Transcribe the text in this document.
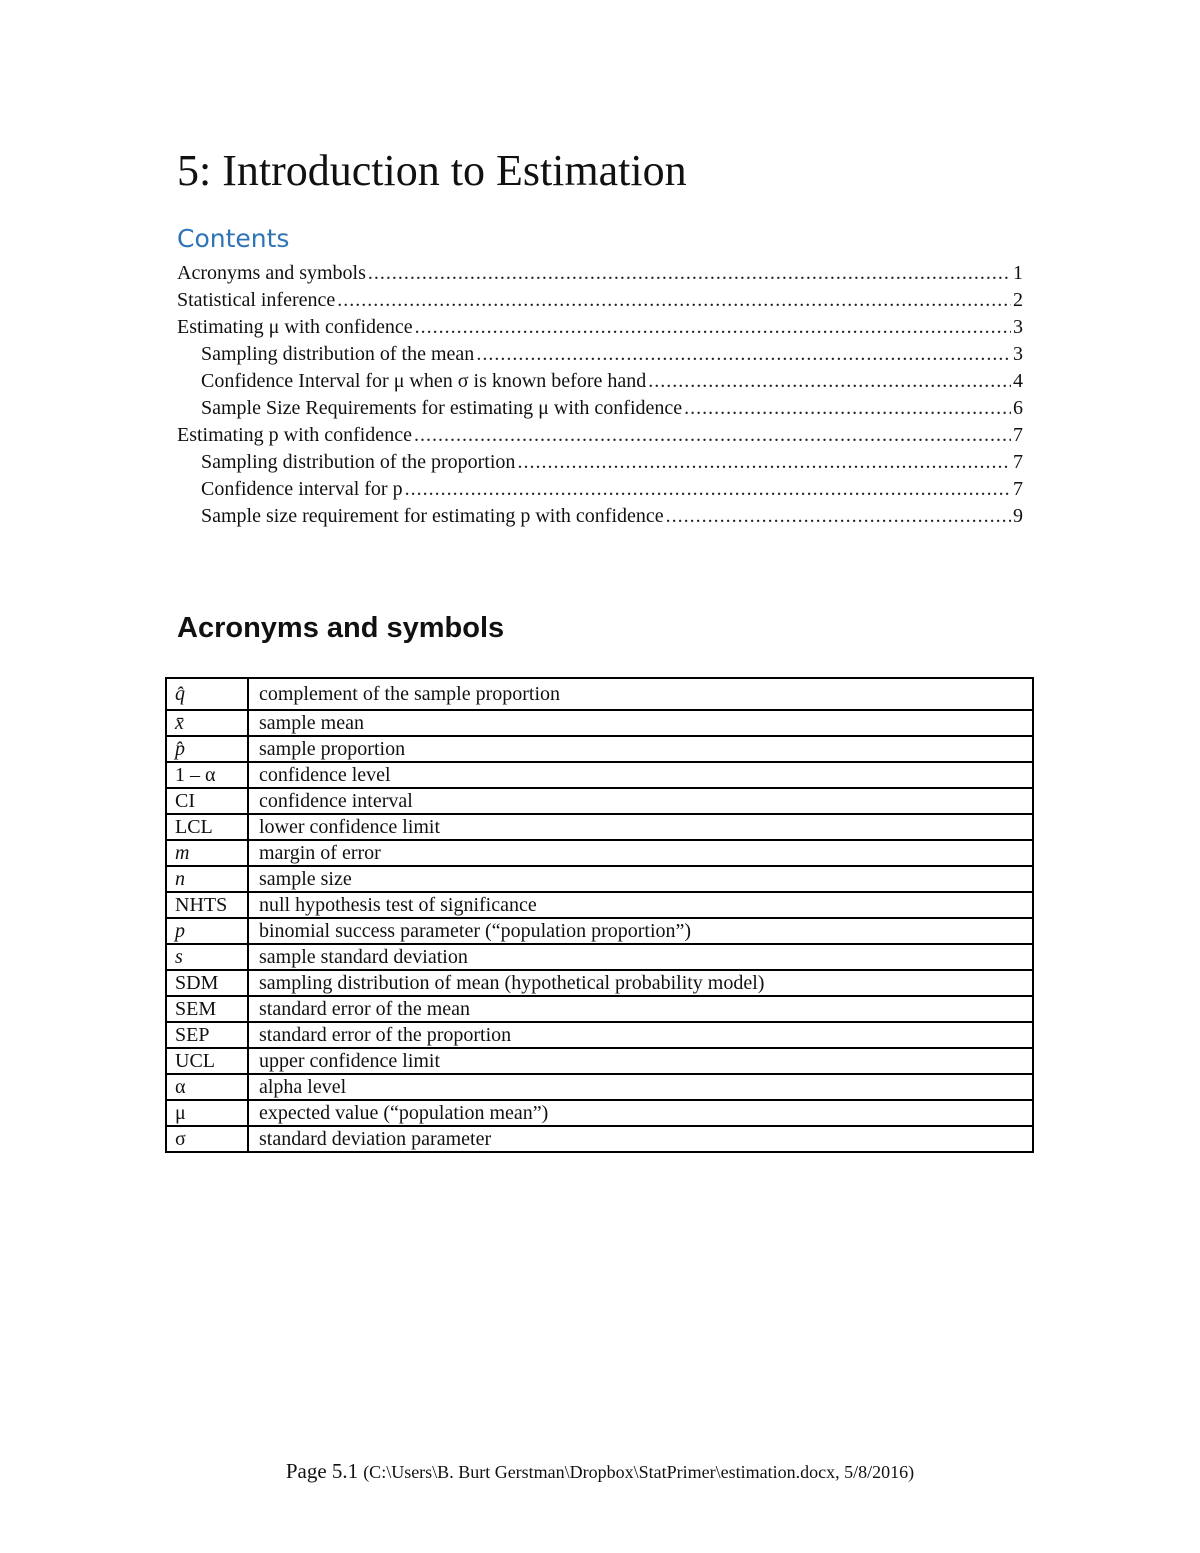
5: Introduction to Estimation
Contents
Acronyms and symbols .....	1
Statistical inference .....	2
Estimating μ with confidence .....	3
Sampling distribution of the mean .....	3
Confidence Interval for μ when σ is known before hand .....	4
Sample Size Requirements for estimating μ with confidence .....	6
Estimating p with confidence .....	7
Sampling distribution of the proportion .....	7
Confidence interval for p .....	7
Sample size requirement for estimating p with confidence .....	9
Acronyms and symbols
q̂	complement of the sample proportion
x̄	sample mean
p̂	sample proportion
1 – α	confidence level
CI	confidence interval
LCL	lower confidence limit
m	margin of error
n	sample size
NHTS	null hypothesis test of significance
p	binomial success parameter (“population proportion”)
s	sample standard deviation
SDM	sampling distribution of mean (hypothetical probability model)
SEM	standard error of the mean
SEP	standard error of the proportion
UCL	upper confidence limit
α	alpha level
μ	expected value (“population mean”)
σ	standard deviation parameter
Page 5.1 (C:\Users\B. Burt Gerstman\Dropbox\StatPrimer\estimation.docx, 5/8/2016)
